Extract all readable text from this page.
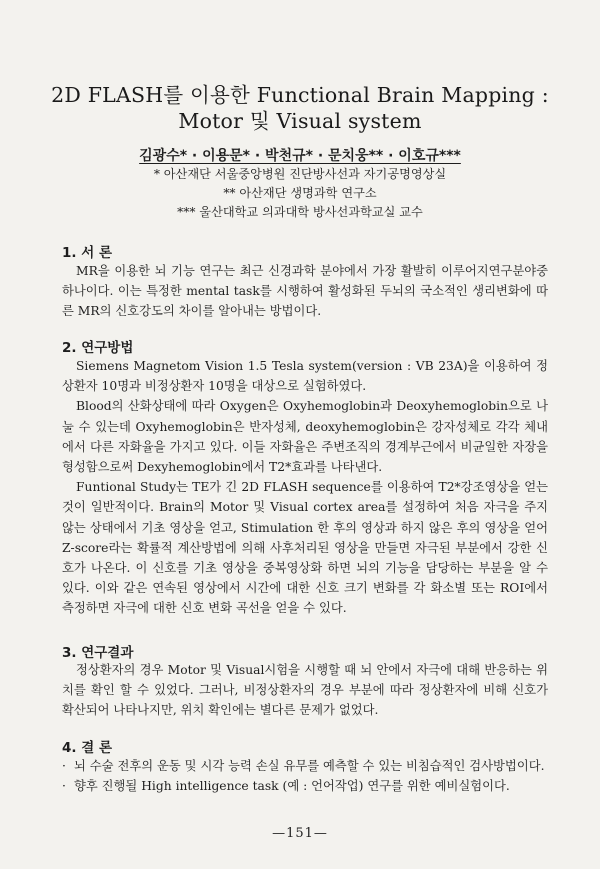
2D FLASH를 이용한 Functional Brain Mapping :
Motor 및 Visual system
김광수* · 이용문* · 박천규* · 문치웅** · 이호규***
* 아산재단 서울중앙병원 진단방사선과 자기공명영상실
** 아산재단 생명과학 연구소
*** 울산대학교 의과대학 방사선과학교실 교수
1. 서 론

MR을 이용한 뇌 기능 연구는 최근 신경과학 분야에서 가장 활발히 이루어지연구분야중 하나이다. 이는 특정한 mental task를 시행하여 활성화된 두뇌의 국소적인 생리변화에 따른 MR의 신호강도의 차이를 알아내는 방법이다.

2. 연구방법

Siemens Magnetom Vision 1.5 Tesla system(version : VB 23A)을 이용하여 정상환자 10명과 비정상환자 10명을 대상으로 실험하였다.

Blood의 산화상태에 따라 Oxygen은 Oxyhemoglobin과 Deoxyhemoglobin으로 나눌 수 있는데 Oxyhemoglobin은 반자성체, deoxyhemoglobin은 강자성체로 각각 체내에서 다른 자화율을 가지고 있다. 이들 자화율은 주변조직의 경계부근에서 비균일한 자장을 형성함으로써 Dexyhemoglobin에서 T2*효과를 나타낸다.

Funtional Study는 TE가 긴 2D FLASH sequence를 이용하여 T2*강조영상을 얻는 것이 일반적이다. Brain의 Motor 및 Visual cortex area를 설정하여 처음 자극을 주지 않는 상태에서 기초 영상을 얻고, Stimulation 한 후의 영상과 하지 않은 후의 영상을 얻어 Z-score라는 확률적 계산방법에 의해 사후처리된 영상을 만들면 자극된 부분에서 강한 신호가 나온다. 이 신호를 기초 영상을 중복영상화 하면 뇌의 기능을 담당하는 부분을 알 수 있다. 이와 같은 연속된 영상에서 시간에 대한 신호 크기 변화를 각 화소별 또는 ROI에서 측정하면 자극에 대한 신호 변화 곡선을 얻을 수 있다.

3. 연구결과

정상환자의 경우 Motor 및 Visual시험을 시행할 때 뇌 안에서 자극에 대해 반응하는 위치를 확인 할 수 있었다. 그러나, 비정상환자의 경우 부분에 따라 정상환자에 비해 신호가 확산되어 나타나지만, 위치 확인에는 별다른 문제가 없었다.

4. 결 론
· 뇌 수술 전후의 운동 및 시각 능력 손실 유무를 예측할 수 있는 비침습적인 검사방법이다.
· 향후 진행될 High intelligence task (예 : 언어작업) 연구를 위한 예비실험이다.
—151—
